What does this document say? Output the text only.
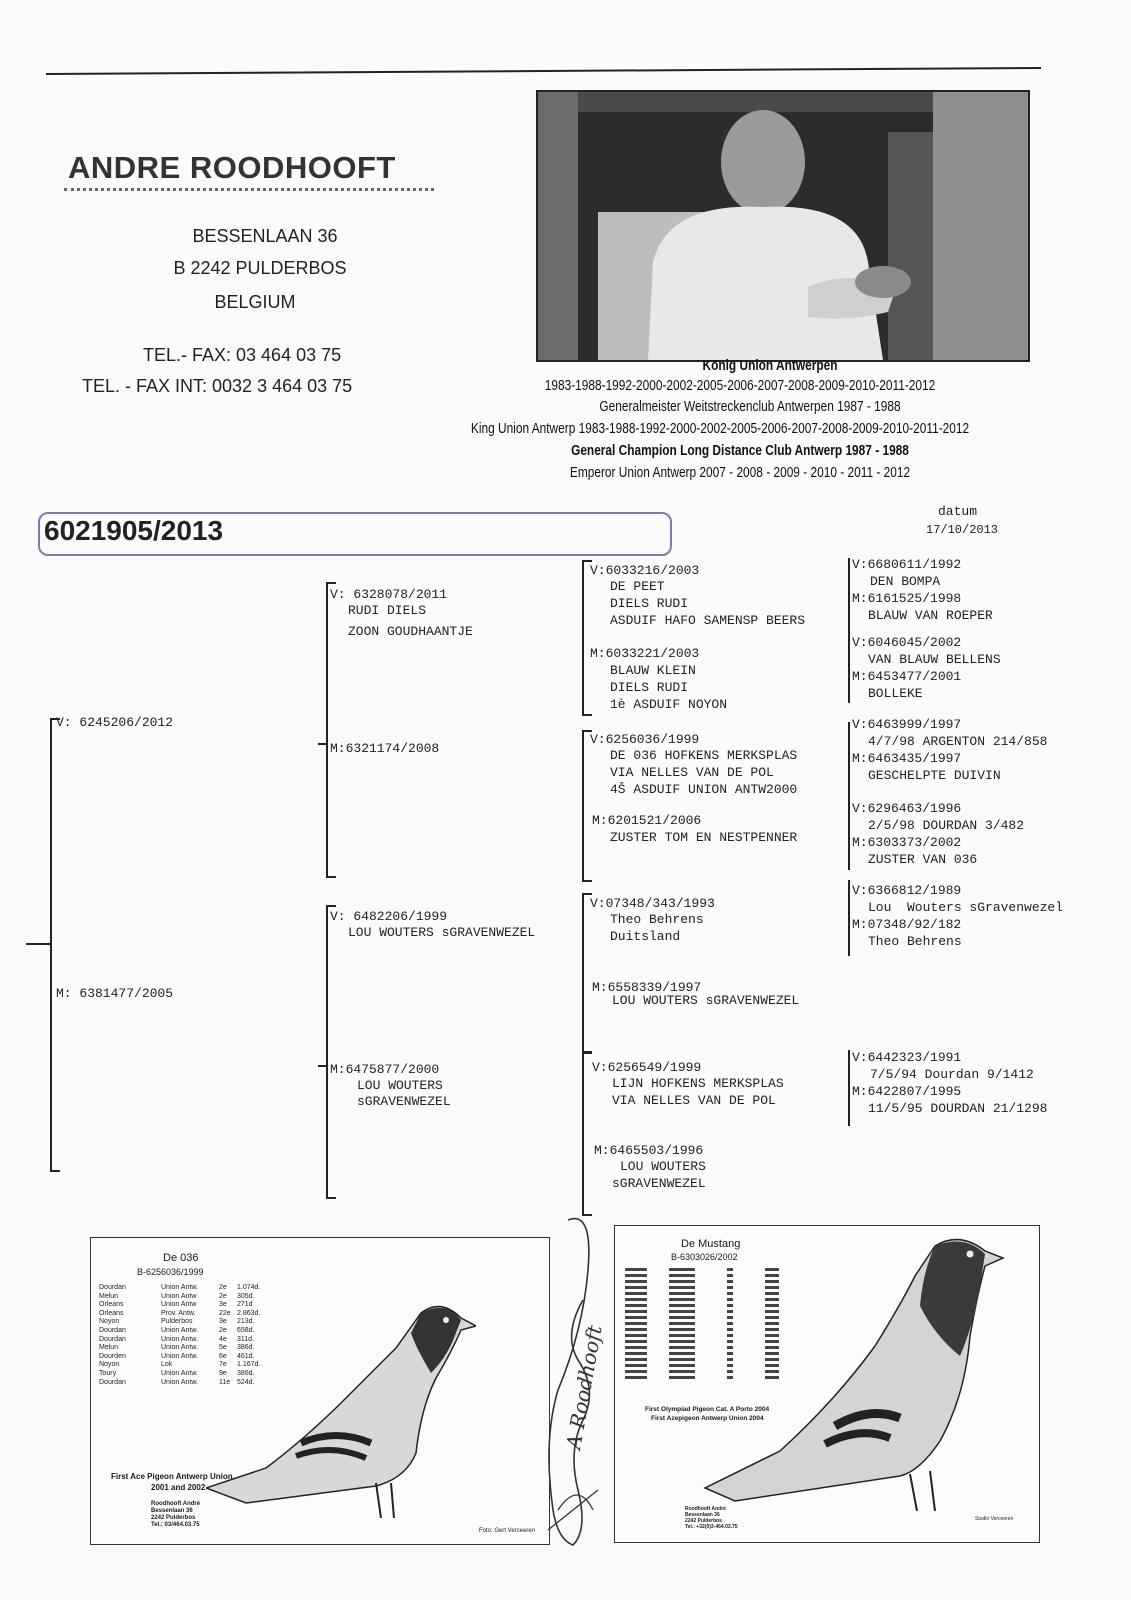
ANDRE ROODHOOFT
BESSENLAAN 36
B 2242 PULDERBOS
BELGIUM
TEL.- FAX: 03 464 03 75
TEL. - FAX INT: 0032 3 464 03 75
König Union Antwerpen
1983-1988-1992-2000-2002-2005-2006-2007-2008-2009-2010-2011-2012
Generalmeister Weitstreckenclub Antwerpen 1987 - 1988
King Union Antwerp 1983-1988-1992-2000-2002-2005-2006-2007-2008-2009-2010-2011-2012
General Champion Long Distance Club Antwerp 1987 - 1988
Emperor Union Antwerp 2007 - 2008 - 2009 - 2010 - 2011 - 2012
6021905/2013
datum
17/10/2013
V: 6245206/2012
M: 6381477/2005
V: 6328078/2011
RUDI DIELS
ZOON GOUDHAANTJE
M:6321174/2008
V: 6482206/1999
LOU WOUTERS sGRAVENWEZEL
M:6475877/2000
LOU WOUTERS
sGRAVENWEZEL
V:6033216/2003
DE PEET
DIELS RUDI
ASDUIF HAFO SAMENSP BEERS
M:6033221/2003
BLAUW KLEIN
DIELS RUDI
1è ASDUIF NOYON
V:6256036/1999
DE 036 HOFKENS MERKSPLAS
VIA NELLES VAN DE POL
4Š ASDUIF UNION ANTW2000
M:6201521/2006
ZUSTER TOM EN NESTPENNER
V:07348/343/1993
Theo Behrens
Duitsland
M:6558339/1997
LOU WOUTERS sGRAVENWEZEL
V:6256549/1999
LIJN HOFKENS MERKSPLAS
VIA NELLES VAN DE POL
M:6465503/1996
LOU WOUTERS
sGRAVENWEZEL
V:6680611/1992
DEN BOMPA
M:6161525/1998
BLAUW VAN ROEPER
V:6046045/2002
VAN BLAUW BELLENS
M:6453477/2001
BOLLEKE
V:6463999/1997
4/7/98 ARGENTON 214/858
M:6463435/1997
GESCHELPTE DUIVIN
V:6296463/1996
2/5/98 DOURDAN 3/482
M:6303373/2002
ZUSTER VAN 036
V:6366812/1989
Lou  Wouters sGravenwezel
M:07348/92/182
Theo Behrens
V:6442323/1991
7/5/94 Dourdan 9/1412
M:6422807/1995
11/5/95 DOURDAN 21/1298
De 036
B-6256036/1999
Dourdan	Union Antw.	2e	1.074d.
Melun	Union Antw	2e	305d.
Orleans	Union Antw	3e	271d
Orleans	Prov. Antw.	22e 2.863d.
Noyon	Pulderbos	3e	213d.
Dourdan	Union Antw.	2e	658d.
Dourdan	Union Antw.	4e	311d.
Melun	Union Antw.	5e	386d.
Dourden	Union Antw.	6e	461d.
Noyon	Lok	7e	1.167d.
Toury	Union Antw.	9e	386d.
Dourdan	Union Antw.	11e 524d.
First Ace Pigeon Antwerp Union
2001 and 2002
Roodhooft André
Bessenlaan 36
2242 Pulderbos
Tel.: 03/464.03.75
Foto: Gert Verceeren
De Mustang
B-6303026/2002
First Olympiad Pigeon Cat. A Porto 2004
First Azepigeon Antwerp Union 2004
Roodhooft André
Bessenlaan 36
2242 Pulderbos
Tel.: +32(0)3-464.03.75
Studio Verceeren
A Roodhooft
